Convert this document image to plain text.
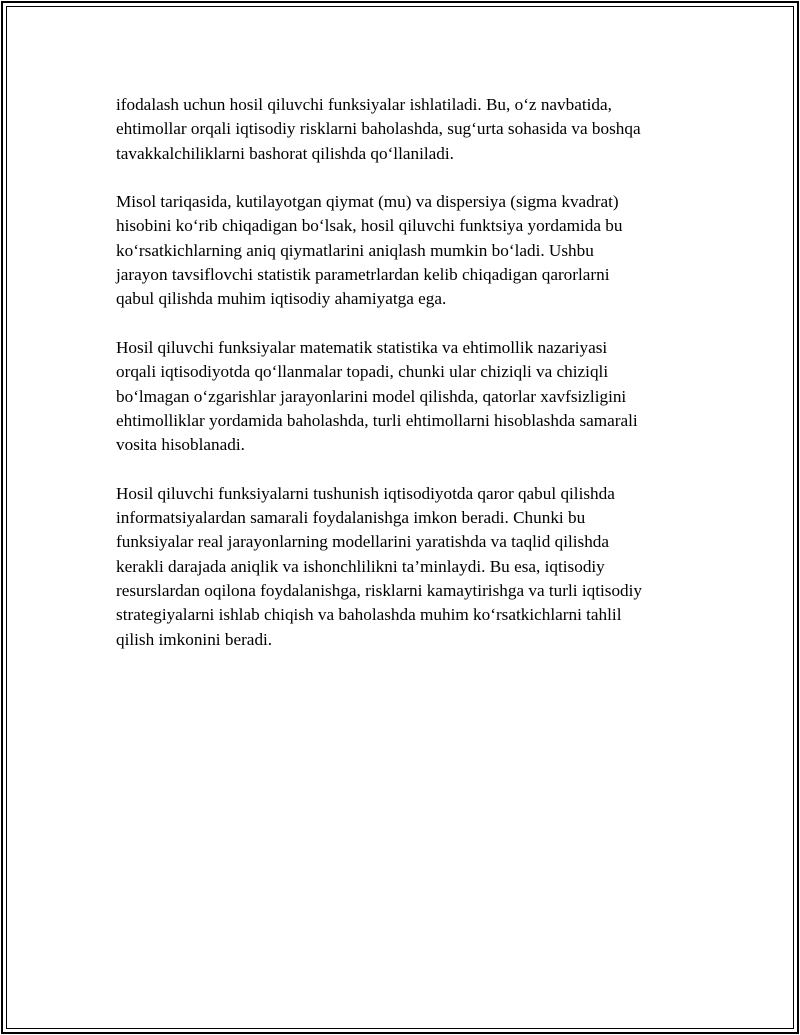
ifodalash uchun hosil qiluvchi funksiyalar ishlatiladi. Bu, o‘z navbatida,
ehtimollar orqali iqtisodiy risklarni baholashda, sug‘urta sohasida va boshqa
tavakkalchiliklarni bashorat qilishda qo‘llaniladi.

Misol tariqasida, kutilayotgan qiymat (mu) va dispersiya (sigma kvadrat)
hisobini ko‘rib chiqadigan bo‘lsak, hosil qiluvchi funktsiya yordamida bu
ko‘rsatkichlarning aniq qiymatlarini aniqlash mumkin bo‘ladi. Ushbu
jarayon tavsiflovchi statistik parametrlardan kelib chiqadigan qarorlarni
qabul qilishda muhim iqtisodiy ahamiyatga ega.

Hosil qiluvchi funksiyalar matematik statistika va ehtimollik nazariyasi
orqali iqtisodiyotda qo‘llanmalar topadi, chunki ular chiziqli va chiziqli
bo‘lmagan o‘zgarishlar jarayonlarini model qilishda, qatorlar xavfsizligini
ehtimolliklar yordamida baholashda, turli ehtimollarni hisoblashda samarali
vosita hisoblanadi.

Hosil qiluvchi funksiyalarni tushunish iqtisodiyotda qaror qabul qilishda
informatsiyalardan samarali foydalanishga imkon beradi. Chunki bu
funksiyalar real jarayonlarning modellarini yaratishda va taqlid qilishda
kerakli darajada aniqlik va ishonchlilikni ta’minlaydi. Bu esa, iqtisodiy
resurslardan oqilona foydalanishga, risklarni kamaytirishga va turli iqtisodiy
strategiyalarni ishlab chiqish va baholashda muhim ko‘rsatkichlarni tahlil
qilish imkonini beradi.
